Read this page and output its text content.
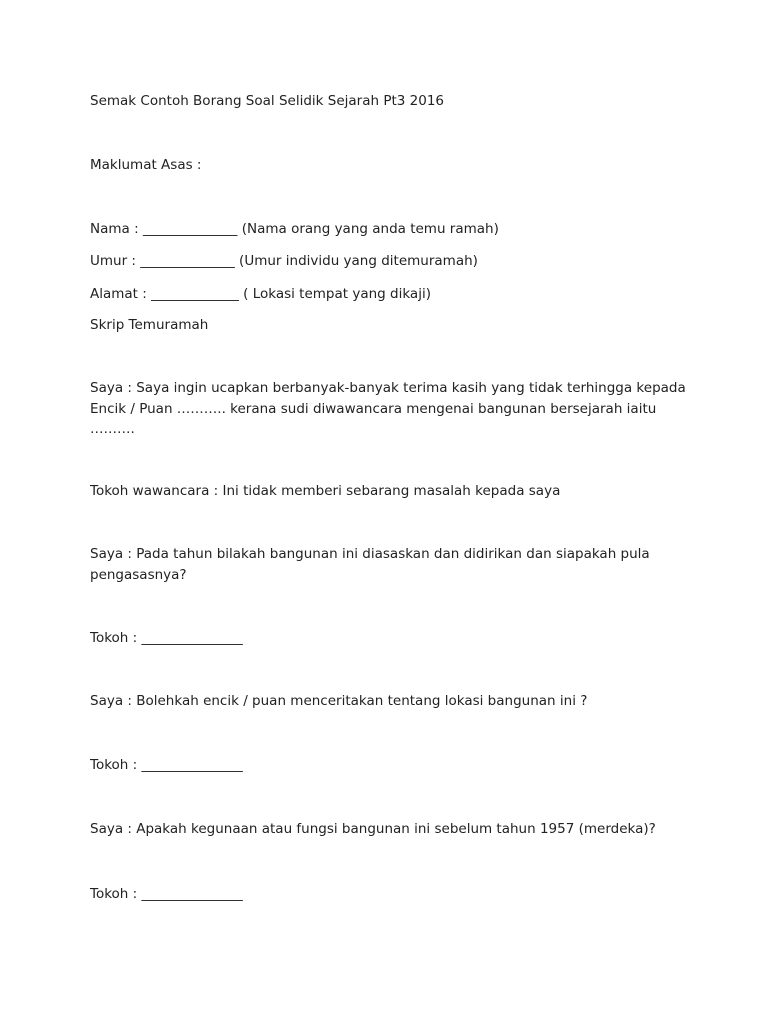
Semak Contoh Borang Soal Selidik Sejarah Pt3 2016

Maklumat Asas :

Nama : ______________ (Nama orang yang anda temu ramah)

Umur : ______________ (Umur individu yang ditemuramah)

Alamat : _____________ ( Lokasi tempat yang dikaji)

Skrip Temuramah

Saya : Saya ingin ucapkan berbanyak-banyak terima kasih yang tidak terhingga kepada Encik / Puan ……….. kerana sudi diwawancara mengenai bangunan bersejarah iaitu ……….

Tokoh wawancara : Ini tidak memberi sebarang masalah kepada saya

Saya : Pada tahun bilakah bangunan ini diasaskan dan didirikan dan siapakah pula pengasasnya?

Tokoh : _______________

Saya : Bolehkah encik / puan menceritakan tentang lokasi bangunan ini ?

Tokoh : _______________

Saya : Apakah kegunaan atau fungsi bangunan ini sebelum tahun 1957 (merdeka)?

Tokoh : _______________
